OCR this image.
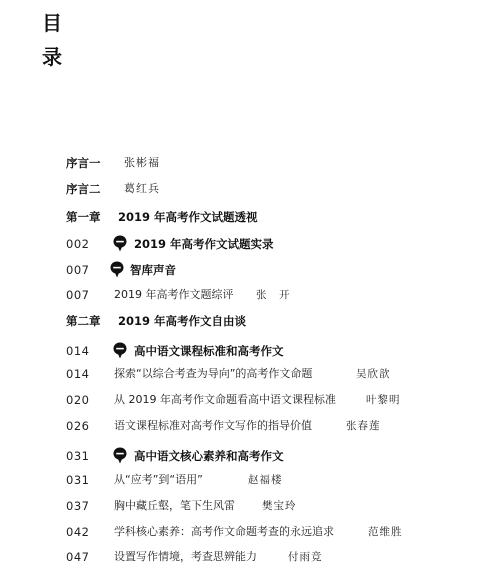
目
录
序言一 张彬福
序言二 葛红兵
第一章 2019 年高考作文试题透视
002	2019 年高考作文试题实录
007	智库声音
007 2019 年高考作文题综评 张　开
第二章 2019 年高考作文自由谈
014	高中语文课程标准和高考作文
014 探索“以综合考查为导向”的高考作文命题	吴欣歆
020 从 2019 年高考作文命题看高中语文课程标准	叶黎明
026 语文课程标准对高考作文写作的指导价值	张春莲
031	高中语文核心素养和高考作文
031 从“应考”到“语用”	赵福楼
037 胸中藏丘壑，笔下生风雷	樊宝玲
042 学科核心素养：高考作文命题考查的永远追求	范维胜
047 设置写作情境，考查思辨能力	付雨竞
